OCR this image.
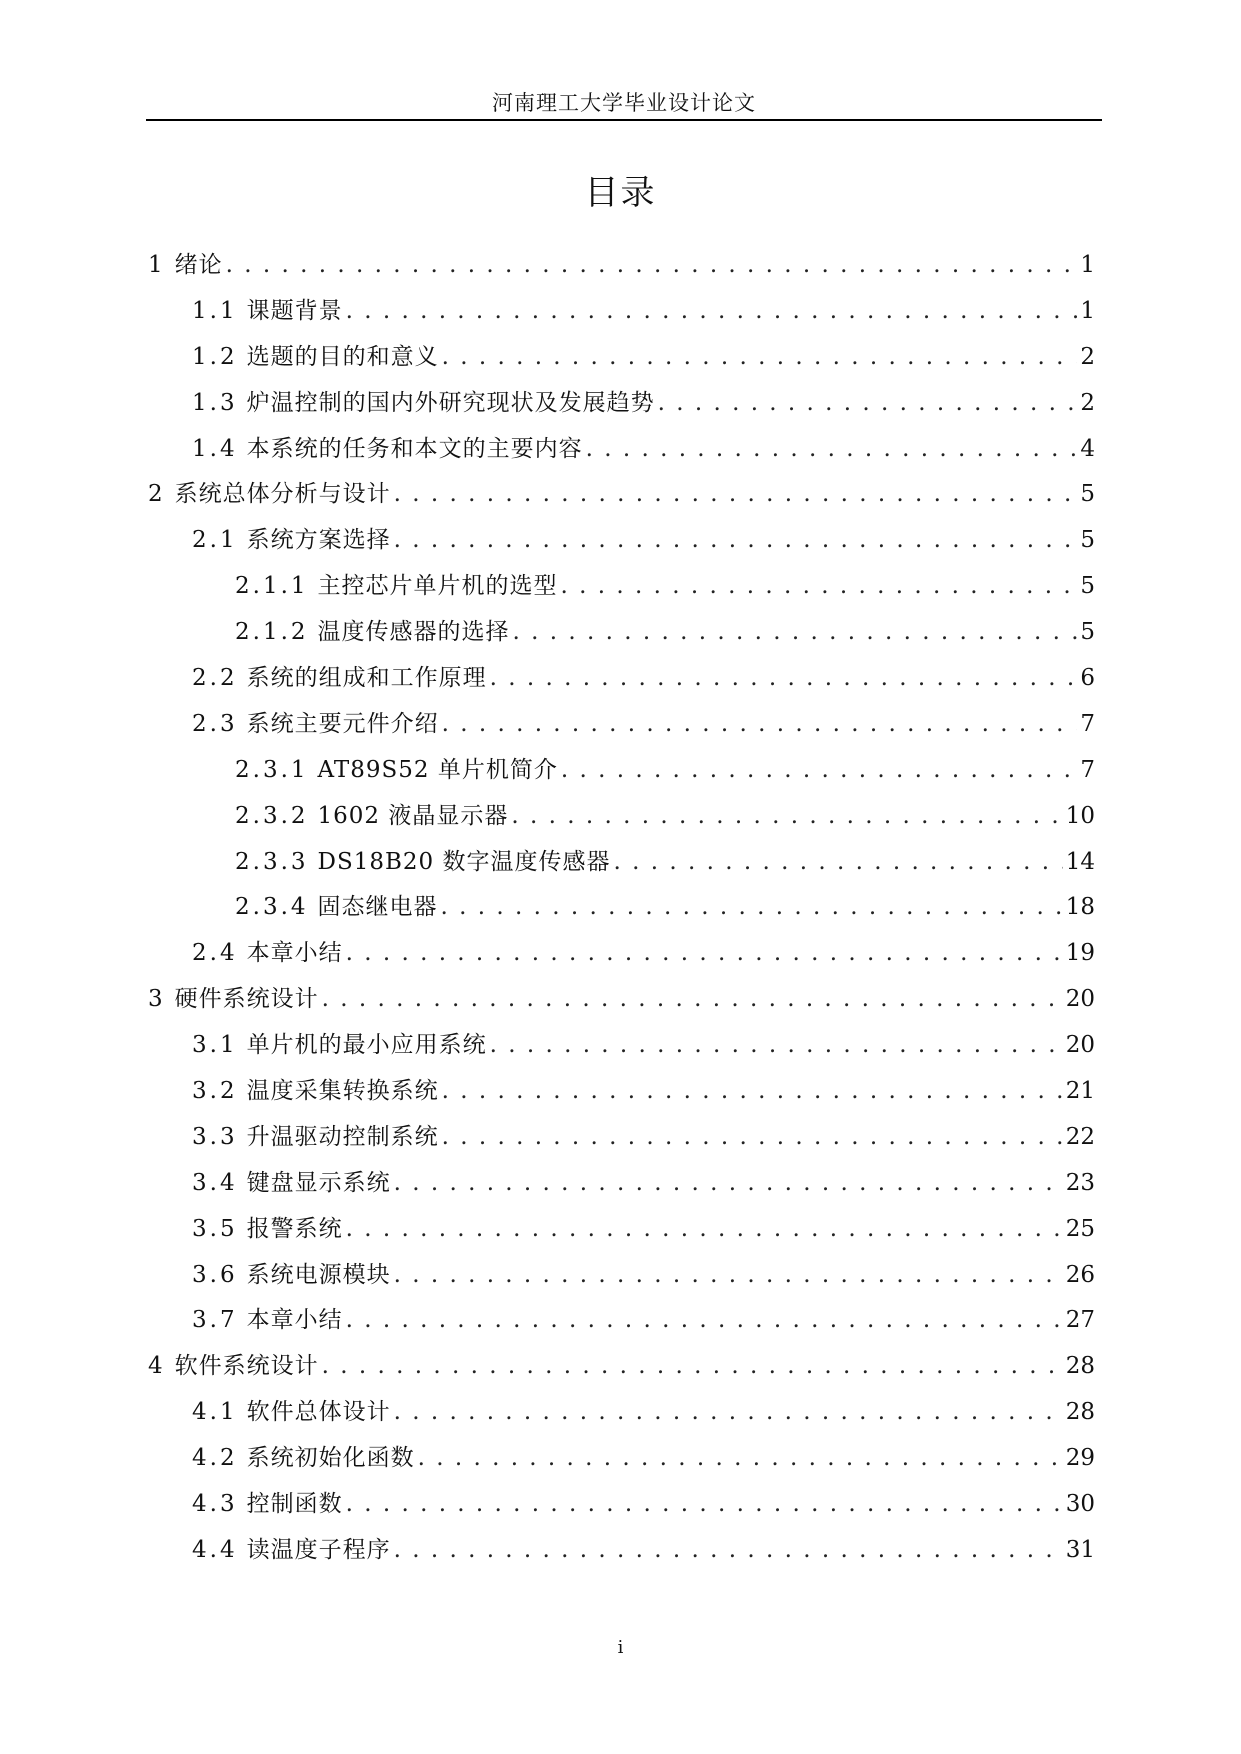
河南理工大学毕业设计论文
目录
1 绪论 . . .	1
1.1 课题背景 . . .	1
1.2 选题的目的和意义 . . .	2
1.3 炉温控制的国内外研究现状及发展趋势 . . .	2
1.4 本系统的任务和本文的主要内容 . . .	4
2 系统总体分析与设计 . . .	5
2.1 系统方案选择 . . .	5
2.1.1 主控芯片单片机的选型 . . .	5
2.1.2 温度传感器的选择 . . .	5
2.2 系统的组成和工作原理 . . .	6
2.3 系统主要元件介绍 . . .	7
2.3.1 AT89S52 单片机简介 . . .	7
2.3.2 1602 液晶显示器 . . .	10
2.3.3 DS18B20 数字温度传感器 . . .	14
2.3.4 固态继电器 . . .	18
2.4 本章小结 . . .	19
3 硬件系统设计 . . .	20
3.1 单片机的最小应用系统 . . .	20
3.2 温度采集转换系统 . . .	21
3.3 升温驱动控制系统 . . .	22
3.4 键盘显示系统 . . .	23
3.5 报警系统 . . .	25
3.6 系统电源模块 . . .	26
3.7 本章小结 . . .	27
4 软件系统设计 . . .	28
4.1 软件总体设计 . . .	28
4.2 系统初始化函数 . . .	29
4.3 控制函数 . . .	30
4.4 读温度子程序 . . .	31
i
